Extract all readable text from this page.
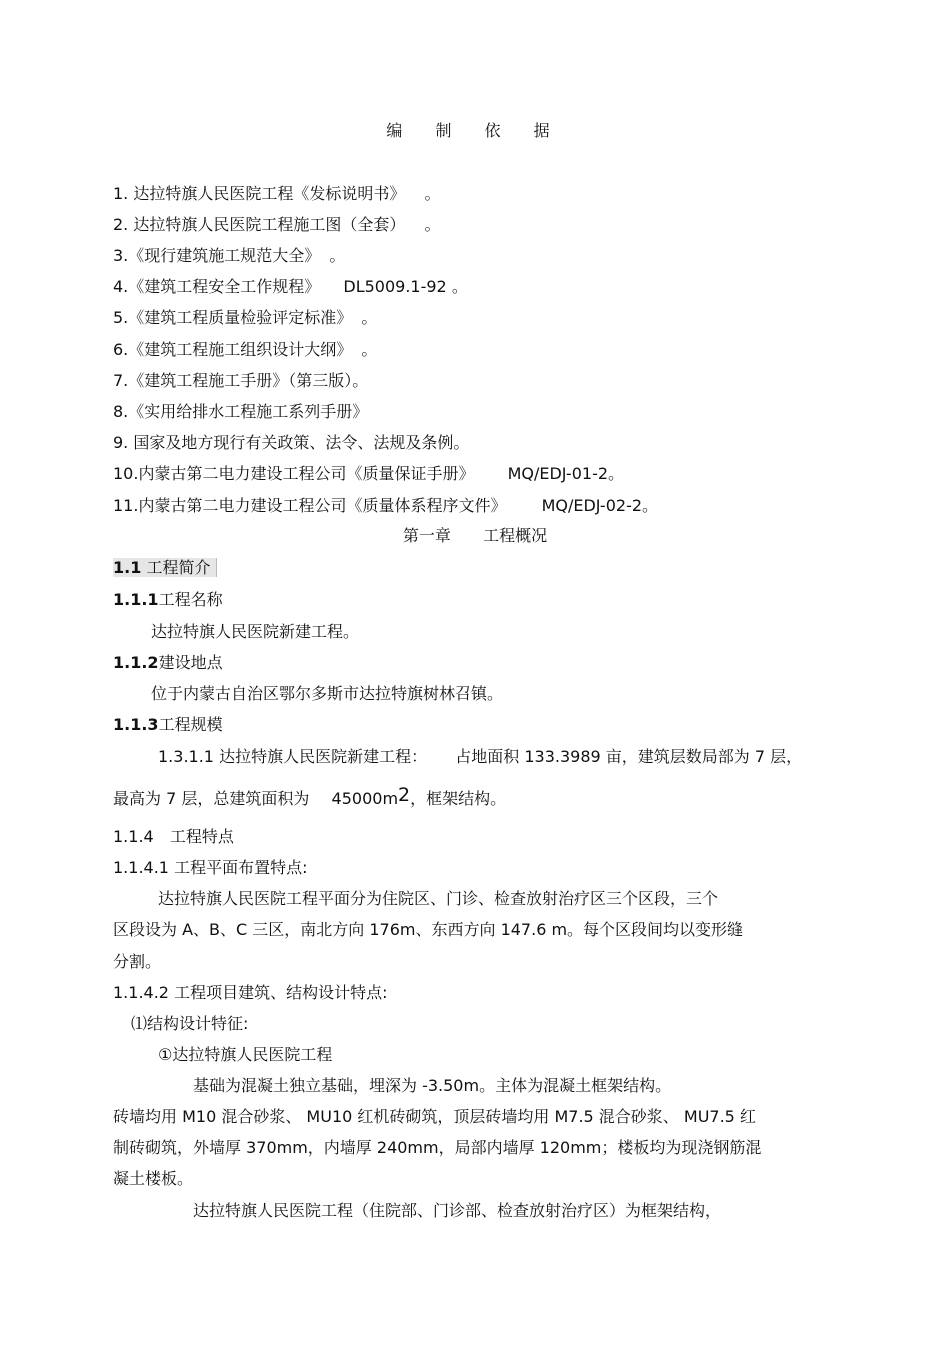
编 制 依 据
1. 达拉特旗人民医院工程《发标说明书》 。
2. 达拉特旗人民医院工程施工图（全套） 。
3.《现行建筑施工规范大全》 。
4.《建筑工程安全工作规程》 DL5009.1-92 。
5.《建筑工程质量检验评定标准》 。
6.《建筑工程施工组织设计大纲》 。
7.《建筑工程施工手册》（第三版）。
8.《实用给排水工程施工系列手册》
9. 国家及地方现行有关政策、法令、法规及条例。
10.内蒙古第二电力建设工程公司《质量保证手册》 MQ/EDJ-01-2。
11.内蒙古第二电力建设工程公司《质量体系程序文件》 MQ/EDJ-02-2。
第一章 工程概况
1.1 工程简介
1.1.1工程名称
达拉特旗人民医院新建工程。
1.1.2建设地点
位于内蒙古自治区鄂尔多斯市达拉特旗树林召镇。
1.1.3工程规模
1.3.1.1 达拉特旗人民医院新建工程： 占地面积 133.3989 亩，建筑层数局部为 7 层，
最高为 7 层，总建筑面积为 45000m2，框架结构。
1.1.4 工程特点
1.1.4.1 工程平面布置特点:
达拉特旗人民医院工程平面分为住院区、门诊、检查放射治疗区三个区段，三个
区段设为 A、B、C 三区，南北方向 176m、东西方向 147.6 m。每个区段间均以变形缝
分割。
1.1.4.2 工程项目建筑、结构设计特点:
⑴结构设计特征:
①达拉特旗人民医院工程
基础为混凝土独立基础，埋深为 -3.50m。主体为混凝土框架结构。
砖墙均用 M10 混合砂浆、 MU10 红机砖砌筑，顶层砖墙均用 M7.5 混合砂浆、 MU7.5 红
制砖砌筑，外墙厚 370mm，内墙厚 240mm，局部内墙厚 120mm；楼板均为现浇钢筋混
凝土楼板。
达拉特旗人民医院工程（住院部、门诊部、检查放射治疗区）为框架结构，
